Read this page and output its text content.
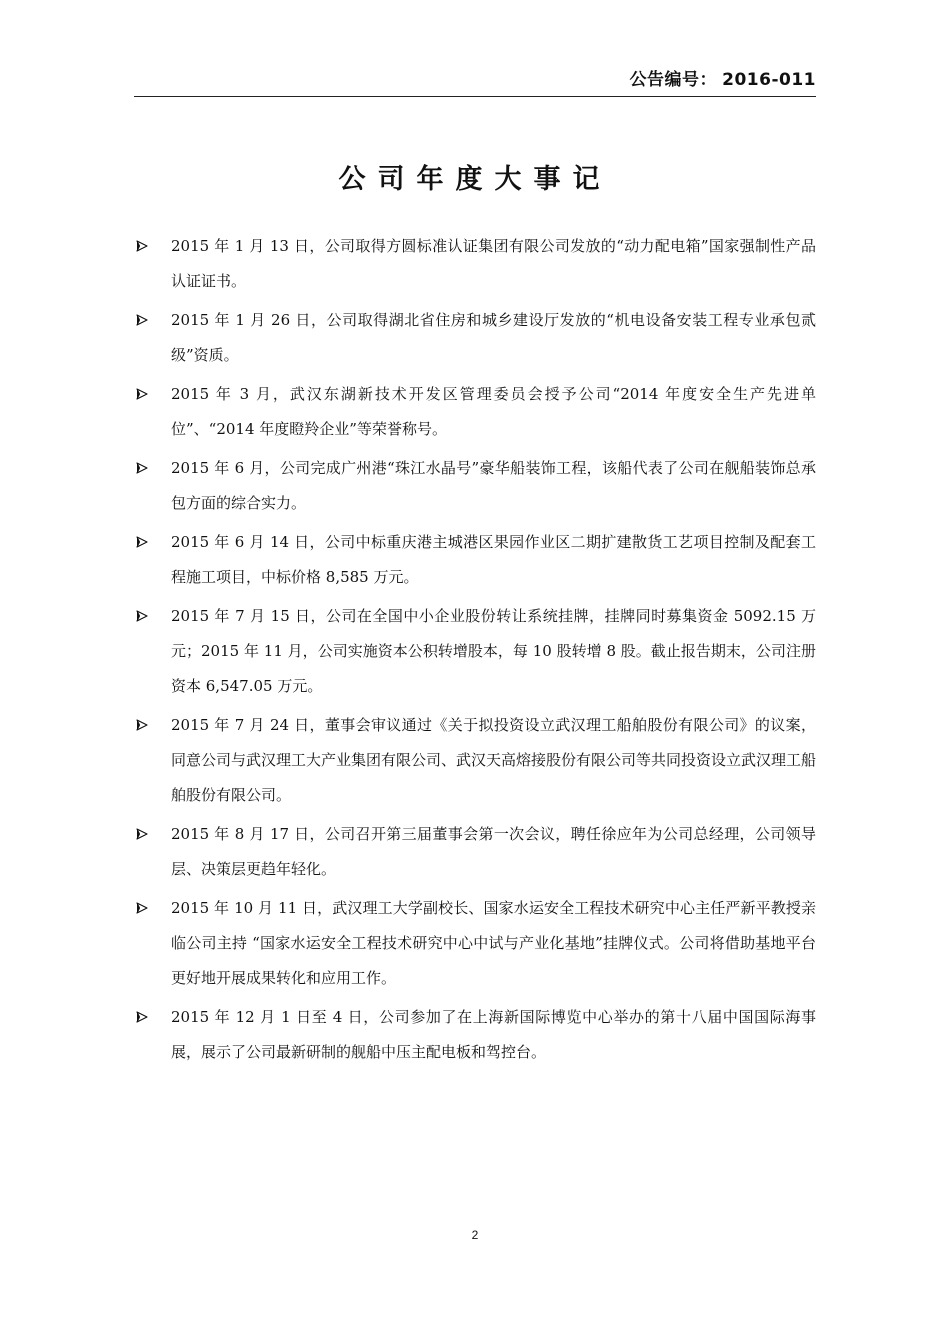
公告编号： 2016-011
公司年度大事记
2015 年 1 月 13 日，公司取得方圆标准认证集团有限公司发放的“动力配电箱”国家强制性产品认证证书。
2015 年 1 月 26 日，公司取得湖北省住房和城乡建设厅发放的“机电设备安装工程专业承包贰级”资质。
2015 年 3 月，武汉东湖新技术开发区管理委员会授予公司“2014 年度安全生产先进单位”、“2014 年度瞪羚企业”等荣誉称号。
2015 年 6 月，公司完成广州港“珠江水晶号”豪华船装饰工程，该船代表了公司在舰船装饰总承包方面的综合实力。
2015 年 6 月 14 日，公司中标重庆港主城港区果园作业区二期扩建散货工艺项目控制及配套工程施工项目，中标价格 8,585 万元。
2015 年 7 月 15 日，公司在全国中小企业股份转让系统挂牌，挂牌同时募集资金 5092.15 万元；2015 年 11 月，公司实施资本公积转增股本，每 10 股转增 8 股。截止报告期末，公司注册资本 6,547.05 万元。
2015 年 7 月 24 日，董事会审议通过《关于拟投资设立武汉理工船舶股份有限公司》的议案，同意公司与武汉理工大产业集团有限公司、武汉天高熔接股份有限公司等共同投资设立武汉理工船舶股份有限公司。
2015 年 8 月 17 日，公司召开第三届董事会第一次会议，聘任徐应年为公司总经理，公司领导层、决策层更趋年轻化。
2015 年 10 月 11 日，武汉理工大学副校长、国家水运安全工程技术研究中心主任严新平教授亲临公司主持 “国家水运安全工程技术研究中心中试与产业化基地”挂牌仪式。公司将借助基地平台更好地开展成果转化和应用工作。
2015 年 12 月 1 日至 4 日，公司参加了在上海新国际博览中心举办的第十八届中国国际海事展，展示了公司最新研制的舰船中压主配电板和驾控台。
2
